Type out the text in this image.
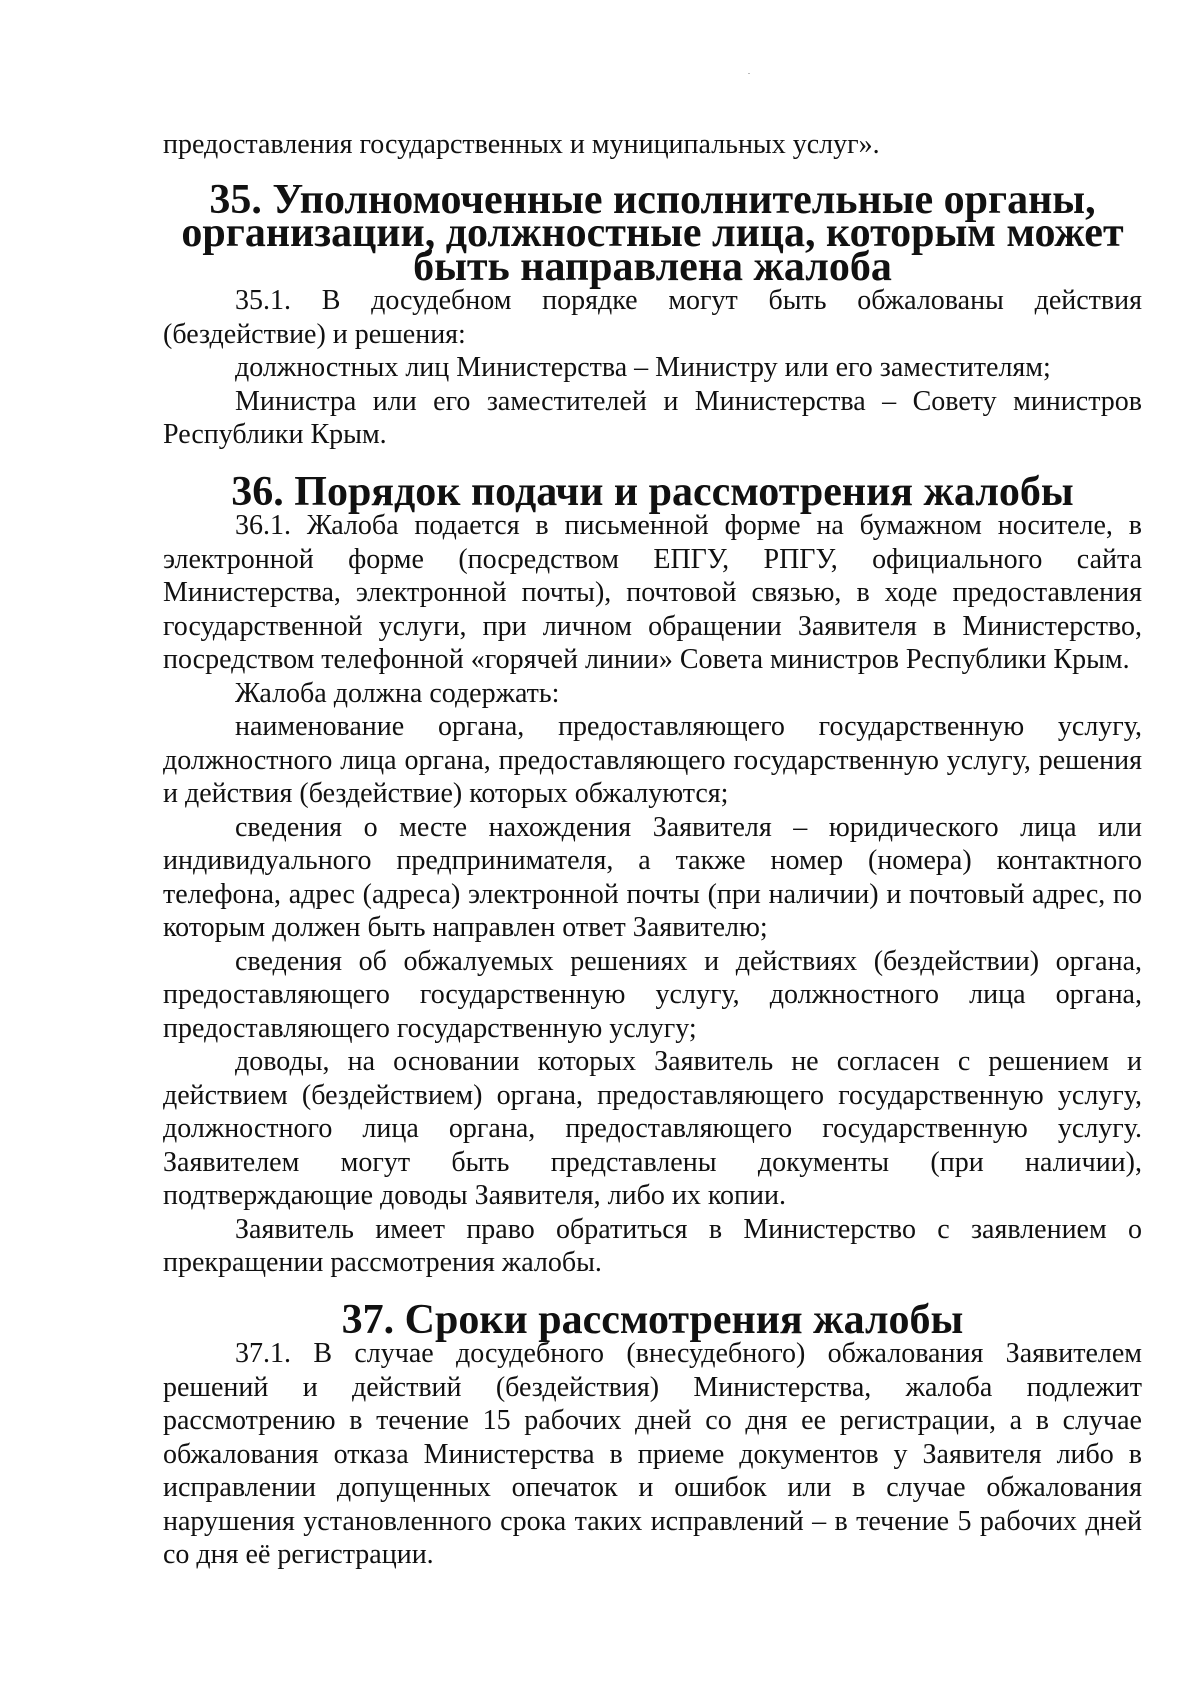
предоставления государственных и муниципальных услуг».

35. Уполномоченные исполнительные органы, организации, должностные лица, которым может быть направлена жалоба

35.1. В досудебном порядке могут быть обжалованы действия (бездействие) и решения:

должностных лиц Министерства – Министру или его заместителям;

Министра или его заместителей и Министерства – Совету министров Республики Крым.

36. Порядок подачи и рассмотрения жалобы

36.1. Жалоба подается в письменной форме на бумажном носителе, в электронной форме (посредством ЕПГУ, РПГУ, официального сайта Министерства, электронной почты), почтовой связью, в ходе предоставления государственной услуги, при личном обращении Заявителя в Министерство, посредством телефонной «горячей линии» Совета министров Республики Крым.

Жалоба должна содержать:

наименование органа, предоставляющего государственную услугу, должностного лица органа, предоставляющего государственную услугу, решения и действия (бездействие) которых обжалуются;

сведения о месте нахождения Заявителя – юридического лица или индивидуального предпринимателя, а также номер (номера) контактного телефона, адрес (адреса) электронной почты (при наличии) и почтовый адрес, по которым должен быть направлен ответ Заявителю;

сведения об обжалуемых решениях и действиях (бездействии) органа, предоставляющего государственную услугу, должностного лица органа, предоставляющего государственную услугу;

доводы, на основании которых Заявитель не согласен с решением и действием (бездействием) органа, предоставляющего государственную услугу, должностного лица органа, предоставляющего государственную услугу. Заявителем могут быть представлены документы (при наличии), подтверждающие доводы Заявителя, либо их копии.

Заявитель имеет право обратиться в Министерство с заявлением о прекращении рассмотрения жалобы.

37. Сроки рассмотрения жалобы

37.1. В случае досудебного (внесудебного) обжалования Заявителем решений и действий (бездействия) Министерства, жалоба подлежит рассмотрению в течение 15 рабочих дней со дня ее регистрации, а в случае обжалования отказа Министерства в приеме документов у Заявителя либо в исправлении допущенных опечаток и ошибок или в случае обжалования нарушения установленного срока таких исправлений – в течение 5 рабочих дней со дня её регистрации.
